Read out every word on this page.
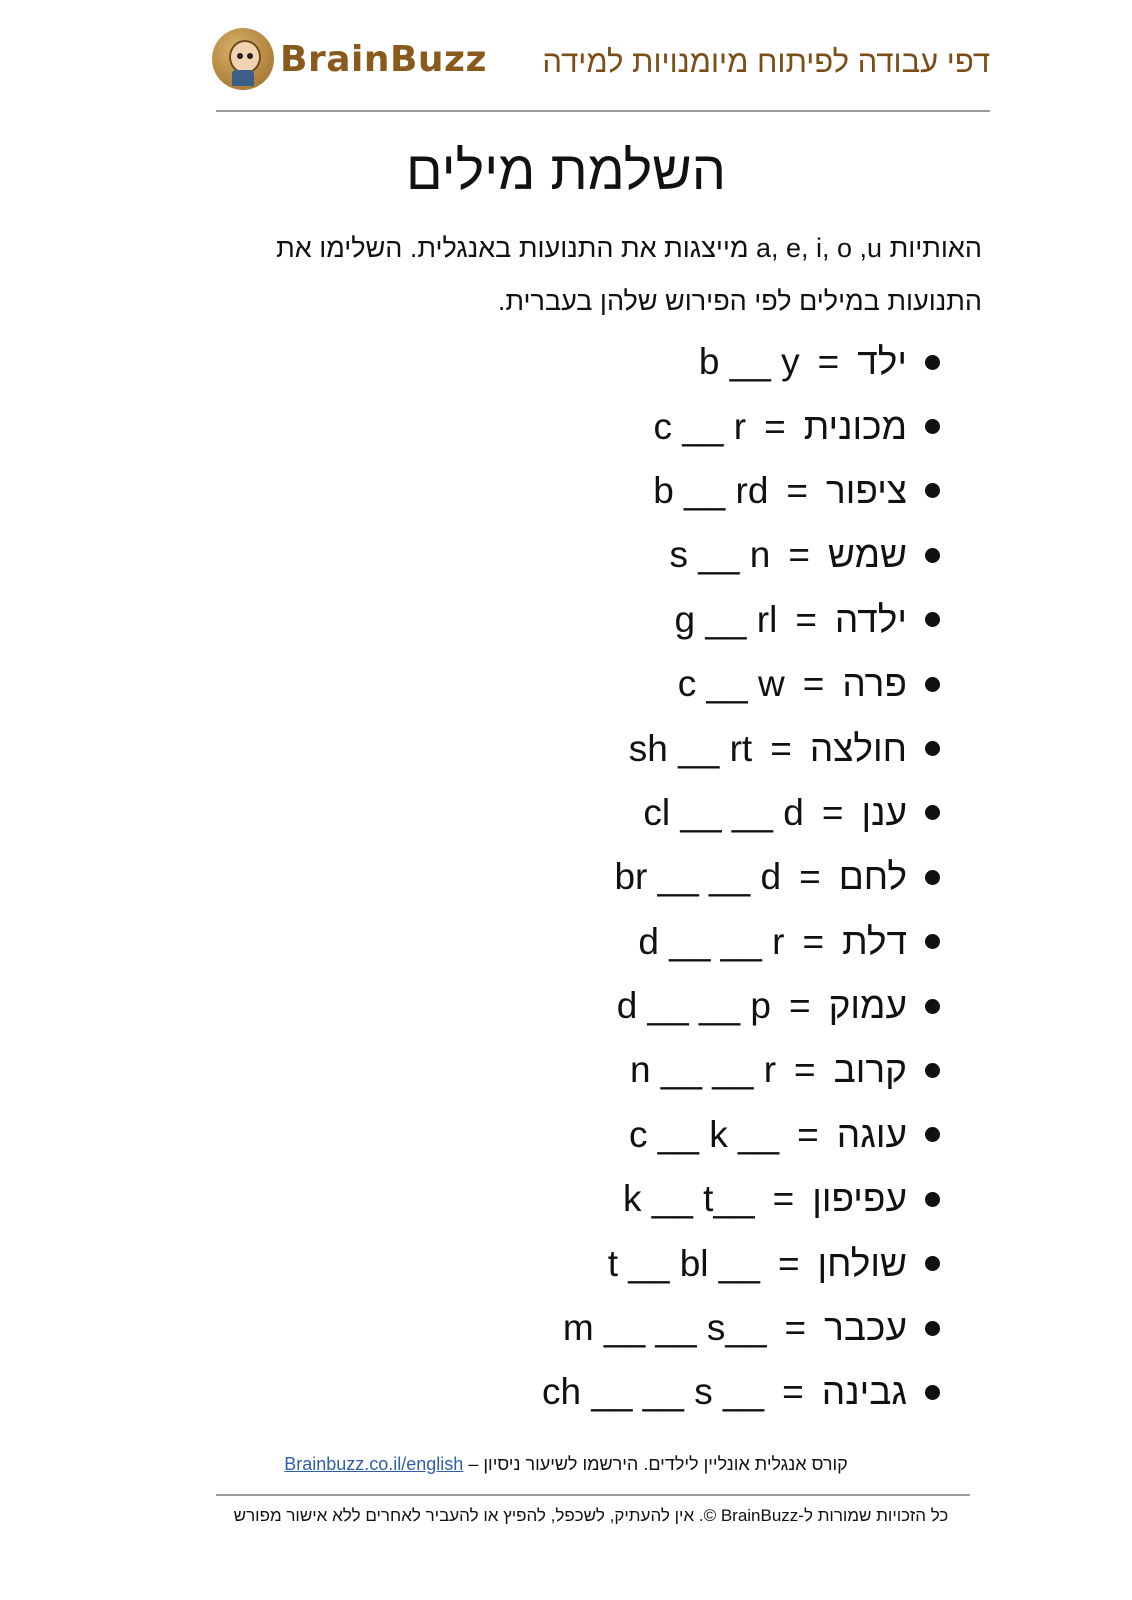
BrainBuzz דפי עבודה לפיתוח מיומנויות למידה
השלמת מילים
האותיות a, e, i, o ,u מייצגות את התנועות באנגלית. השלימו את התנועות במילים לפי הפירוש שלהן בעברית.
ילד
=
b __ y
מכונית
=
c __ r
ציפור
=
b __ rd
שמש
=
s __ n
ילדה
=
g __ rl
פרה
=
c __ w
חולצה
=
sh __ rt
ענן
=
cl __ __ d
לחם
=
br __ __ d
דלת
=
d __ __ r
עמוק
=
d __ __ p
קרוב
=
n __ __ r
עוגה
=
c __ k __
עפיפון
=
k __ t__
שולחן
=
t __ bl __
עכבר
=
m __ __ s__
גבינה
=
ch __ __ s __
קורס אנגלית אונליין לילדים. הירשמו לשיעור ניסיון – Brainbuzz.co.il/english
כל הזכויות שמורות ל-BrainBuzz ©. אין להעתיק, לשכפל, להפיץ או להעביר לאחרים ללא אישור מפורש
